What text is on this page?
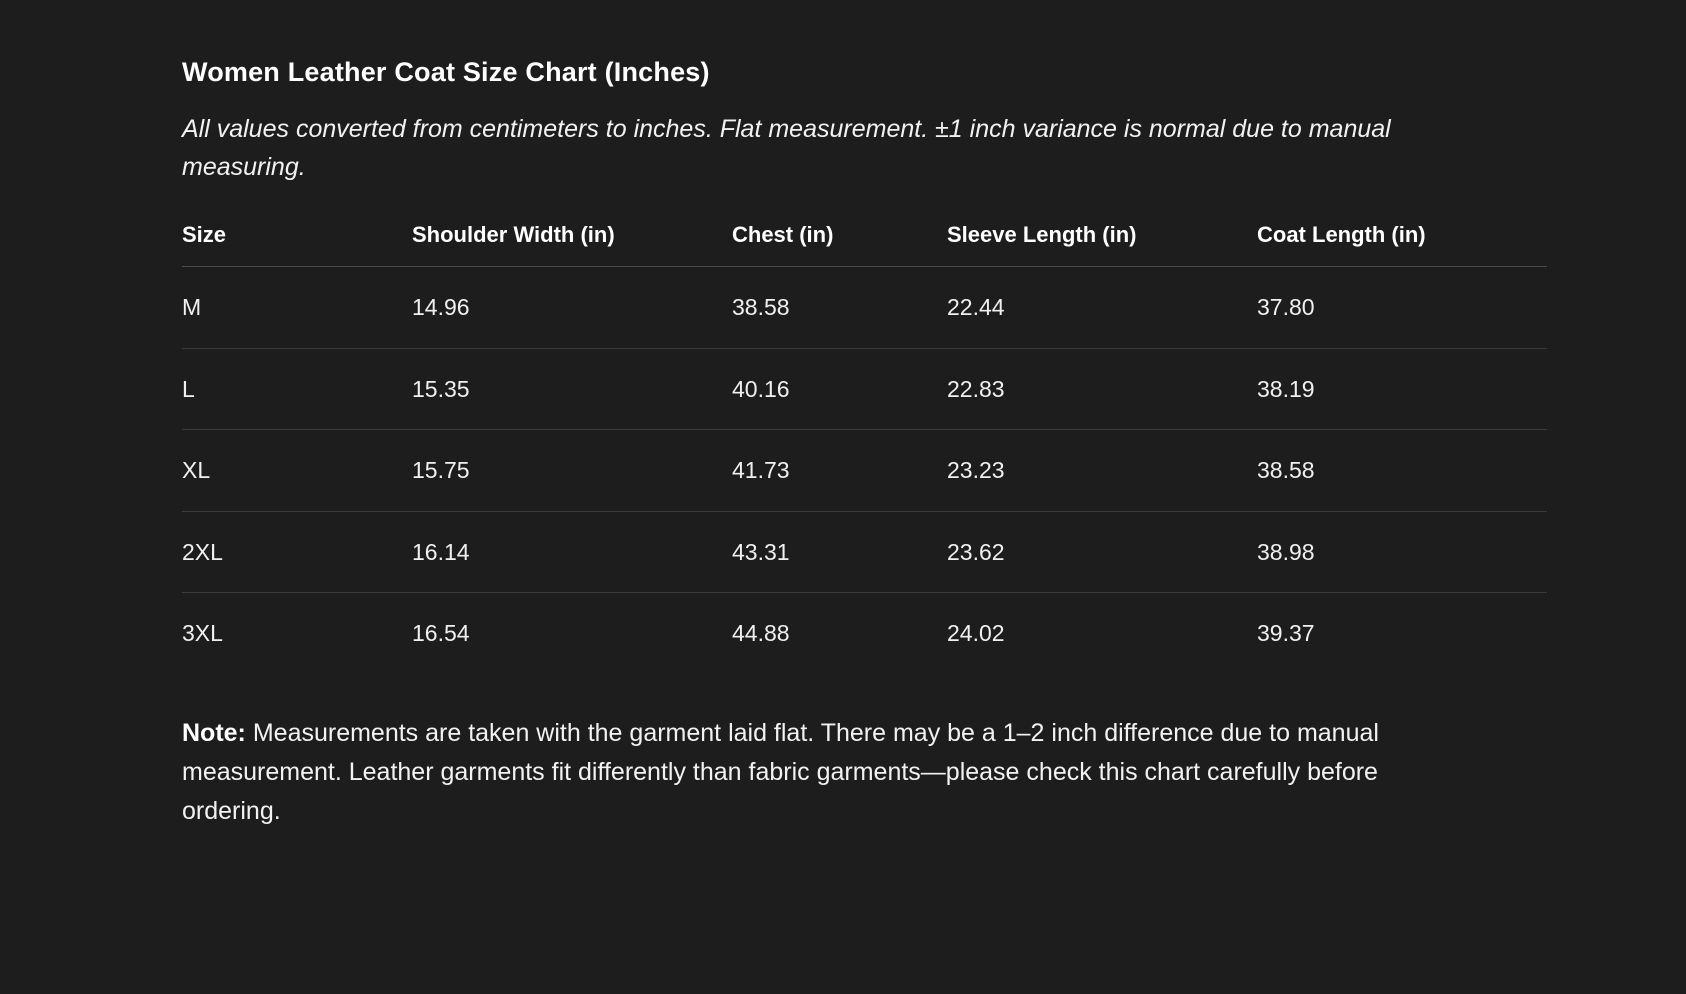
Women Leather Coat Size Chart (Inches)

All values converted from centimeters to inches. Flat measurement. ±1 inch variance is normal due to manual measuring.

Size	Shoulder Width (in)	Chest (in)	Sleeve Length (in)	Coat Length (in)
M	14.96	38.58	22.44	37.80
L	15.35	40.16	22.83	38.19
XL	15.75	41.73	23.23	38.58
2XL	16.14	43.31	23.62	38.98
3XL	16.54	44.88	24.02	39.37

Note: Measurements are taken with the garment laid flat. There may be a 1–2 inch difference due to manual measurement. Leather garments fit differently than fabric garments—please check this chart carefully before ordering.
